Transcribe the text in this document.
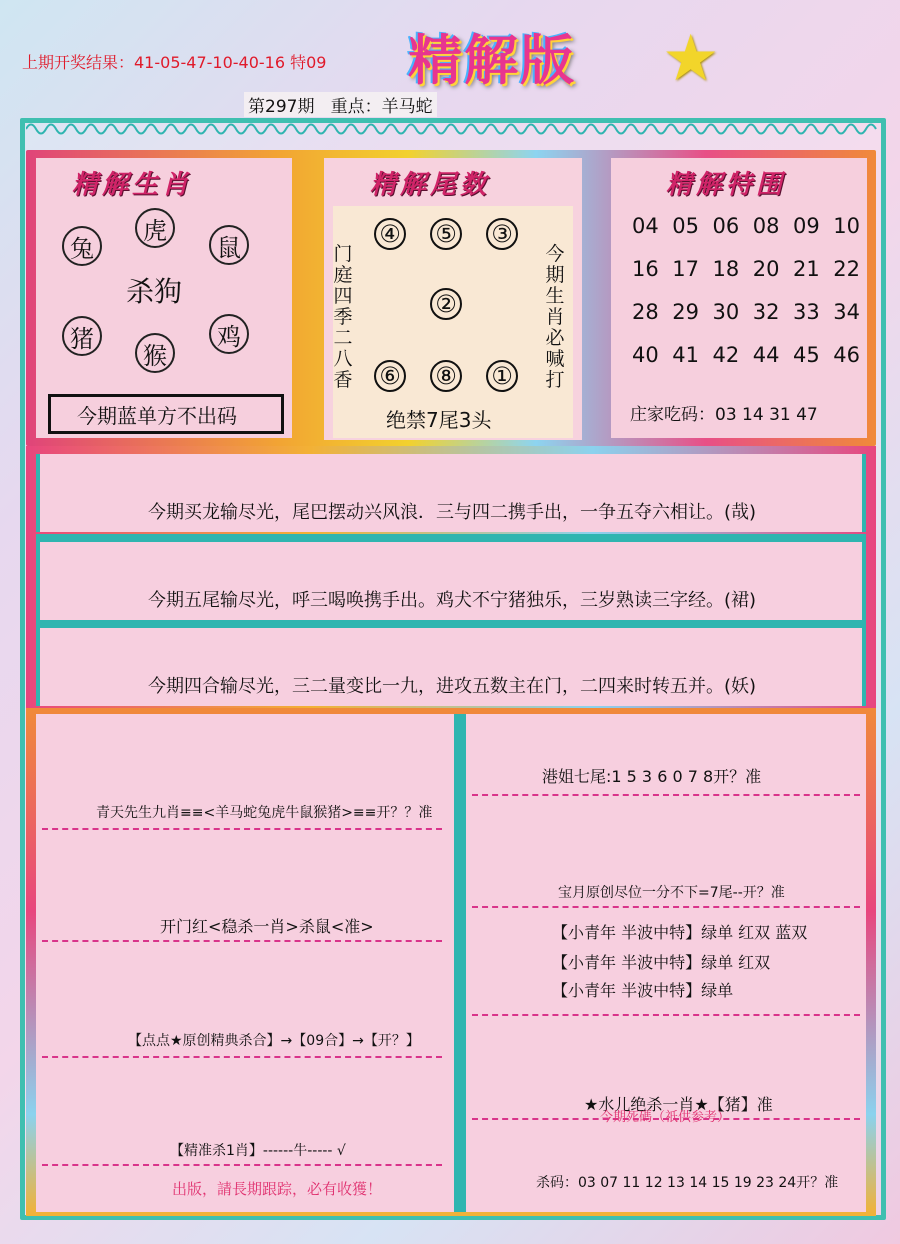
上期开奖结果：41-05-47-10-40-16 特09 精解版	★
第297期 重点：羊马蛇
精解生肖
兔
虎
鼠
猪
猴
鸡
杀狗
今期蓝单方不出码
精解尾数
门庭四季二八香
今期生肖必喊打
④ ⑤ ③
②
⑥ ⑧ ①
绝禁7尾3头
精解特围
04 05 06 08 09 10
16 17 18 20 21 22
28 29 30 32 33 34
40 41 42 44 45 46
庄家吃码：03 14 31 47
今期买龙输尽光，尾巴摆动兴风浪．三与四二携手出，一争五夺六相让。(哉)
今期五尾输尽光，呼三喝唤携手出。鸡犬不宁猪独乐，三岁熟读三字经。(裙)
今期四合输尽光，三二量变比一九，进攻五数主在门，二四来时转五并。(妖)
青天先生九肖≡≡<羊马蛇兔虎牛鼠猴猪>≡≡开？？准
开门红<稳杀一肖>杀鼠<准>
【点点★原创精典杀合】→【09合】→【开？】
【精准杀1肖】------牛----- √
出版，請長期跟踪，必有收獲！
港姐七尾:1 5 3 6 0 7 8开？准
宝月原创尽位一分不下=7尾--开？准
【小青年 半波中特】绿单 红双 蓝双
【小青年 半波中特】绿单 红双
【小青年 半波中特】绿单
★水儿绝杀一肖★【猪】准
今期死碼（祇供参考）
杀码：03 07 11 12 13 14 15 19 23 24开？准
